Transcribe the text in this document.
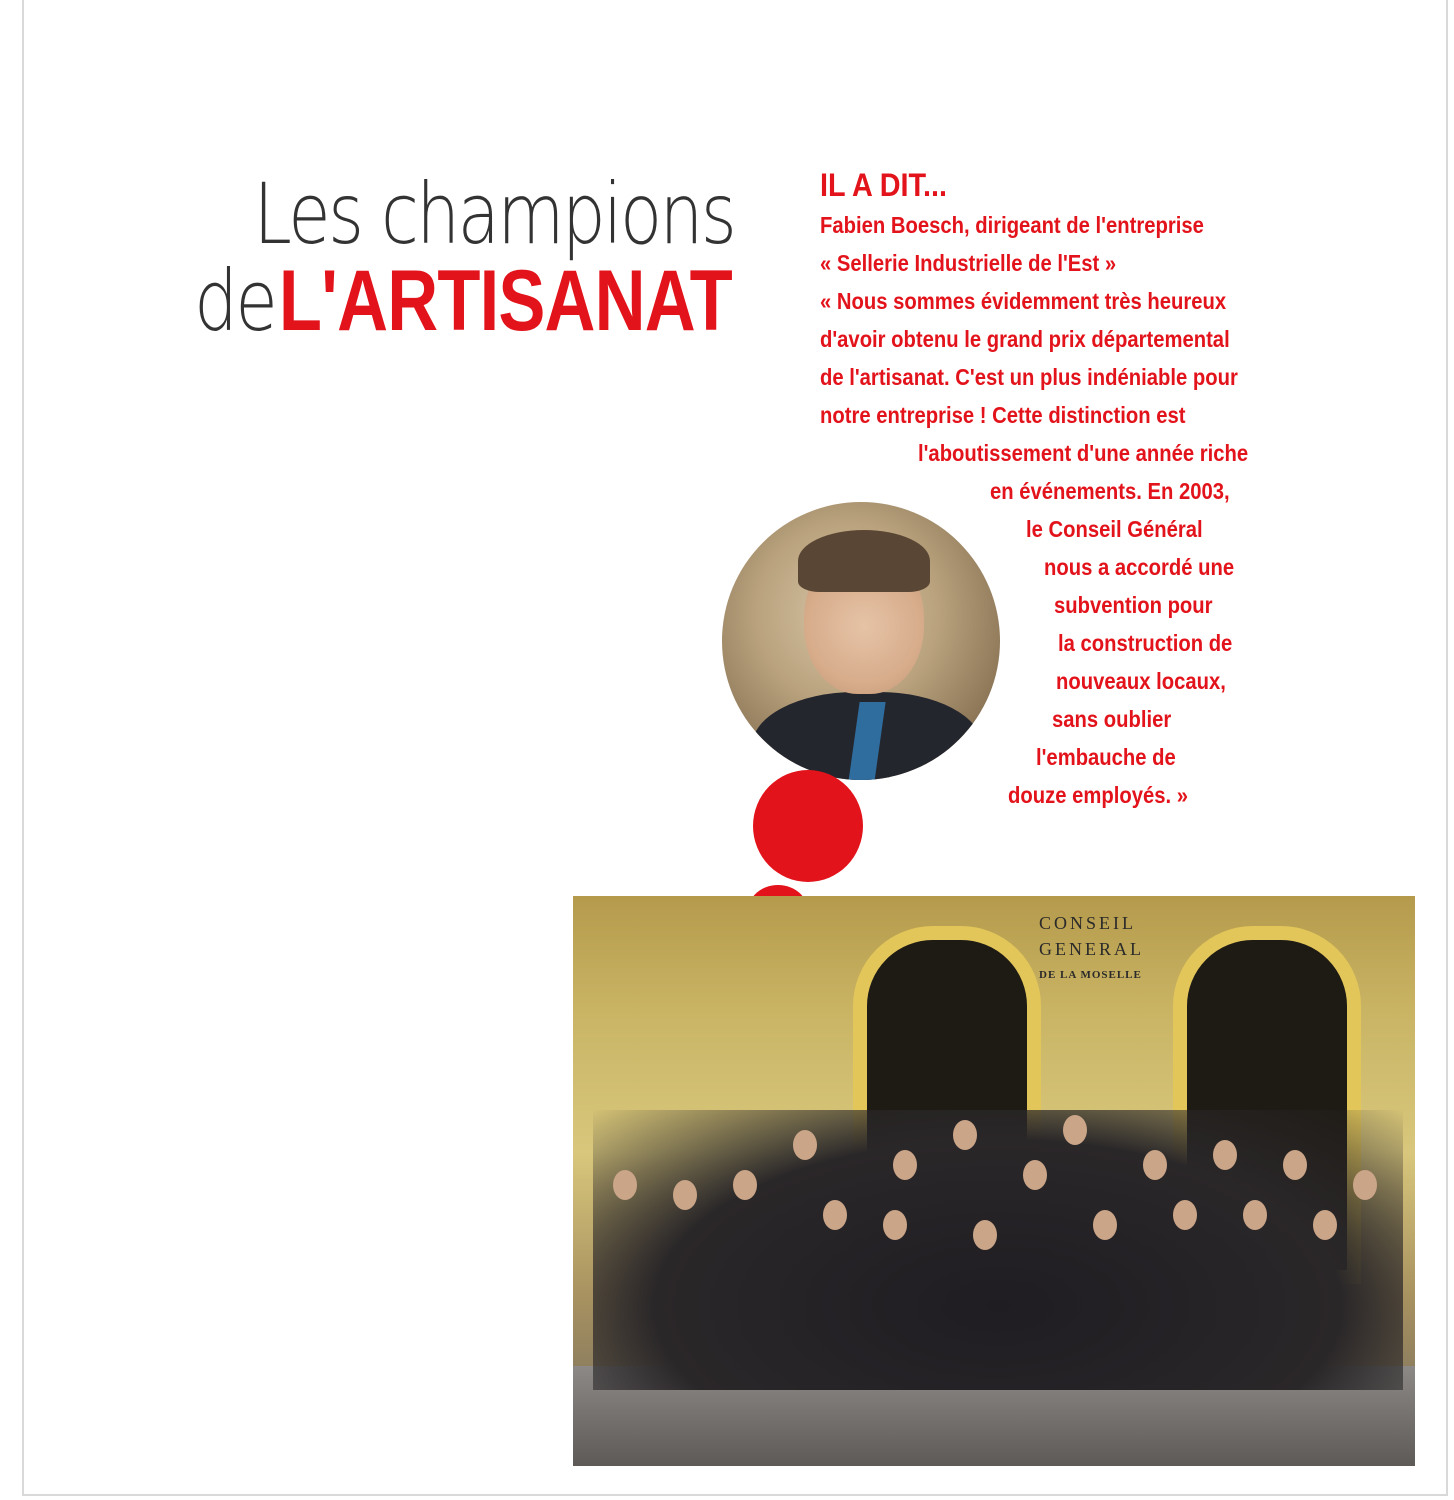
Les champions
de L'ARTISANAT

IL A DIT...
Fabien Boesch, dirigeant de l'entreprise
« Sellerie Industrielle de l'Est »
« Nous sommes évidemment très heureux
d'avoir obtenu le grand prix départemental
de l'artisanat. C'est un plus indéniable pour
notre entreprise ! Cette distinction est
l'aboutissement d'une année riche
en événements. En 2003,
le Conseil Général
nous a accordé une
subvention pour
la construction de
nouveaux locaux,
sans oublier
l'embauche de
douze employés. »
CONSEIL
GENERAL
DE LA MOSELLE
